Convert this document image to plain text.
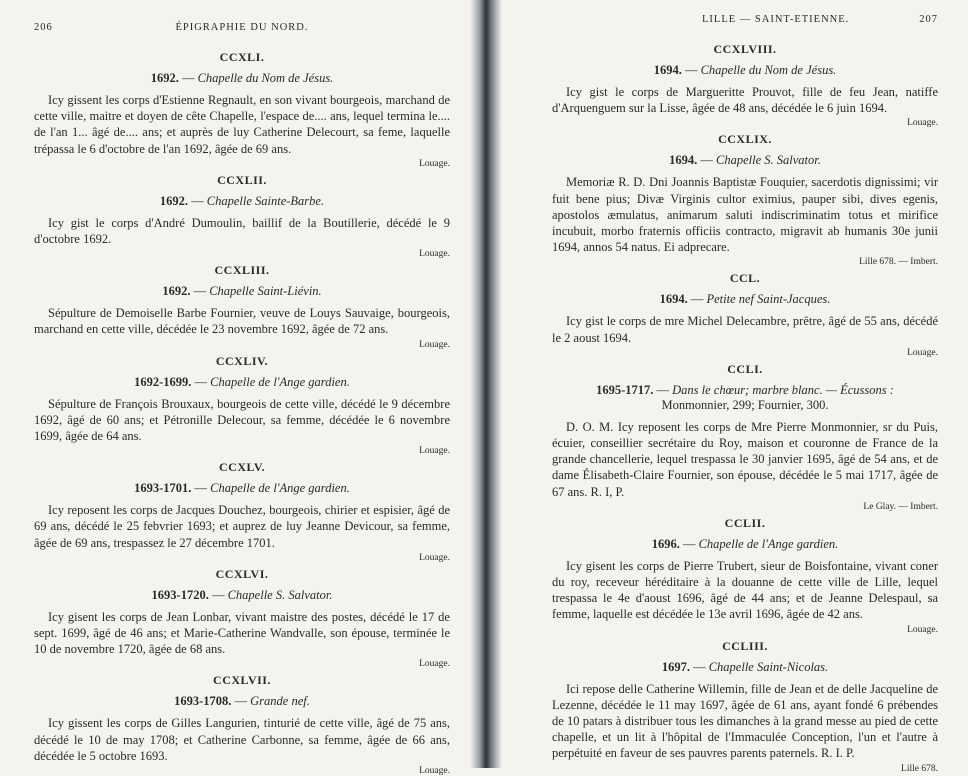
206	ÉPIGRAPHIE DU NORD.
CCXLI.
1692. — Chapelle du Nom de Jésus.

Icy gissent les corps d'Estienne Regnault, en son vivant bourgeois, marchand de cette ville, maitre et doyen de cête Chapelle, l'espace de.... ans, lequel termina le.... de l'an 1... âgé de.... ans; et auprès de luy Catherine Delecourt, sa feme, laquelle trépassa le 6 d'octobre de l'an 1692, âgée de 69 ans.

Louage.
CCXLII.
1692. — Chapelle Sainte-Barbe.

Icy gist le corps d'André Dumoulin, baillif de la Boutillerie, décédé le 9 d'octobre 1692.

Louage.
CCXLIII.
1692. — Chapelle Saint-Liévin.

Sépulture de Demoiselle Barbe Fournier, veuve de Louys Sauvaige, bourgeois, marchand en cette ville, décédée le 23 novembre 1692, âgée de 72 ans.

Louage.
CCXLIV.
1692-1699. — Chapelle de l'Ange gardien.

Sépulture de François Brouxaux, bourgeois de cette ville, décédé le 9 décembre 1692, âgé de 60 ans; et Pétronille Delecour, sa femme, décédée le 6 novembre 1699, âgée de 64 ans.

Louage.
CCXLV.
1693-1701. — Chapelle de l'Ange gardien.

Icy reposent les corps de Jacques Douchez, bourgeois, chirier et espisier, âgé de 69 ans, décédé le 25 febvrier 1693; et auprez de luy Jeanne Devicour, sa femme, âgée de 69 ans, trespassez le 27 décembre 1701.

Louage.
CCXLVI.
1693-1720. — Chapelle S. Salvator.

Icy gisent les corps de Jean Lonbar, vivant maistre des postes, décédé le 17 de sept. 1699, âgé de 46 ans; et Marie-Catherine Wandvalle, son épouse, terminée le 10 de novembre 1720, âgée de 68 ans.

Louage.
CCXLVII.
1693-1708. — Grande nef.

Icy gissent les corps de Gilles Langurien, tinturié de cette ville, âgé de 75 ans, décédé le 10 de may 1708; et Catherine Carbonne, sa femme, âgée de 66 ans, décédée le 5 octobre 1693.

Louage.
LILLE — SAINT-ETIENNE.	207
CCXLVIII.
1694. — Chapelle du Nom de Jésus.

Icy gist le corps de Margueritte Prouvot, fille de feu Jean, natiffe d'Arquenguem sur la Lisse, âgée de 48 ans, décédée le 6 juin 1694.

Louage.
CCXLIX.
1694. — Chapelle S. Salvator.

Memoriæ R. D. Dni Joannis Baptistæ Fouquier, sacerdotis dignissimi; vir fuit bene pius; Divæ Virginis cultor eximius, pauper sibi, dives egenis, apostolos æmulatus, animarum saluti indiscriminatim totus et mirifice incubuit, morbo fraternis officiis contracto, migravit ab humanis 30e junii 1694, annos 54 natus. Ei adprecare.

Lille 678. — Imbert.
CCL.
1694. — Petite nef Saint-Jacques.

Icy gist le corps de mre Michel Delecambre, prêtre, âgé de 55 ans, décédé le 2 aoust 1694.

Louage.
CCLI.
1695-1717. — Dans le chœur; marbre blanc. — Écussons :
Monmonnier, 299; Fournier, 300.

D. O. M. Icy reposent les corps de Mre Pierre Monmonnier, sr du Puis, écuier, conseillier secrétaire du Roy, maison et couronne de France de la grande chancellerie, lequel trespassa le 30 janvier 1695, âgé de 54 ans, et de dame Élisabeth-Claire Fournier, son épouse, décédée le 5 mai 1717, âgée de 67 ans. R. I, P.

Le Glay. — Imbert.
CCLII.
1696. — Chapelle de l'Ange gardien.

Icy gisent les corps de Pierre Trubert, sieur de Boisfontaine, vivant coner du roy, receveur héréditaire à la douanne de cette ville de Lille, lequel trespassa le 4e d'aoust 1696, âgé de 44 ans; et de Jeanne Delespaul, sa femme, laquelle est décédée le 13e avril 1696, âgée de 42 ans.

Louage.
CCLIII.
1697. — Chapelle Saint-Nicolas.

Ici repose delle Catherine Willemin, fille de Jean et de delle Jacqueline de Lezenne, décédée le 11 may 1697, âgée de 61 ans, ayant fondé 6 prébendes de 10 patars à distribuer tous les dimanches à la grand messe au pied de cette chapelle, et un lit à l'hôpital de l'Immaculée Conception, l'un et l'autre à perpétuité en faveur de ses pauvres parents paternels. R. I. P.

Lille 678.
